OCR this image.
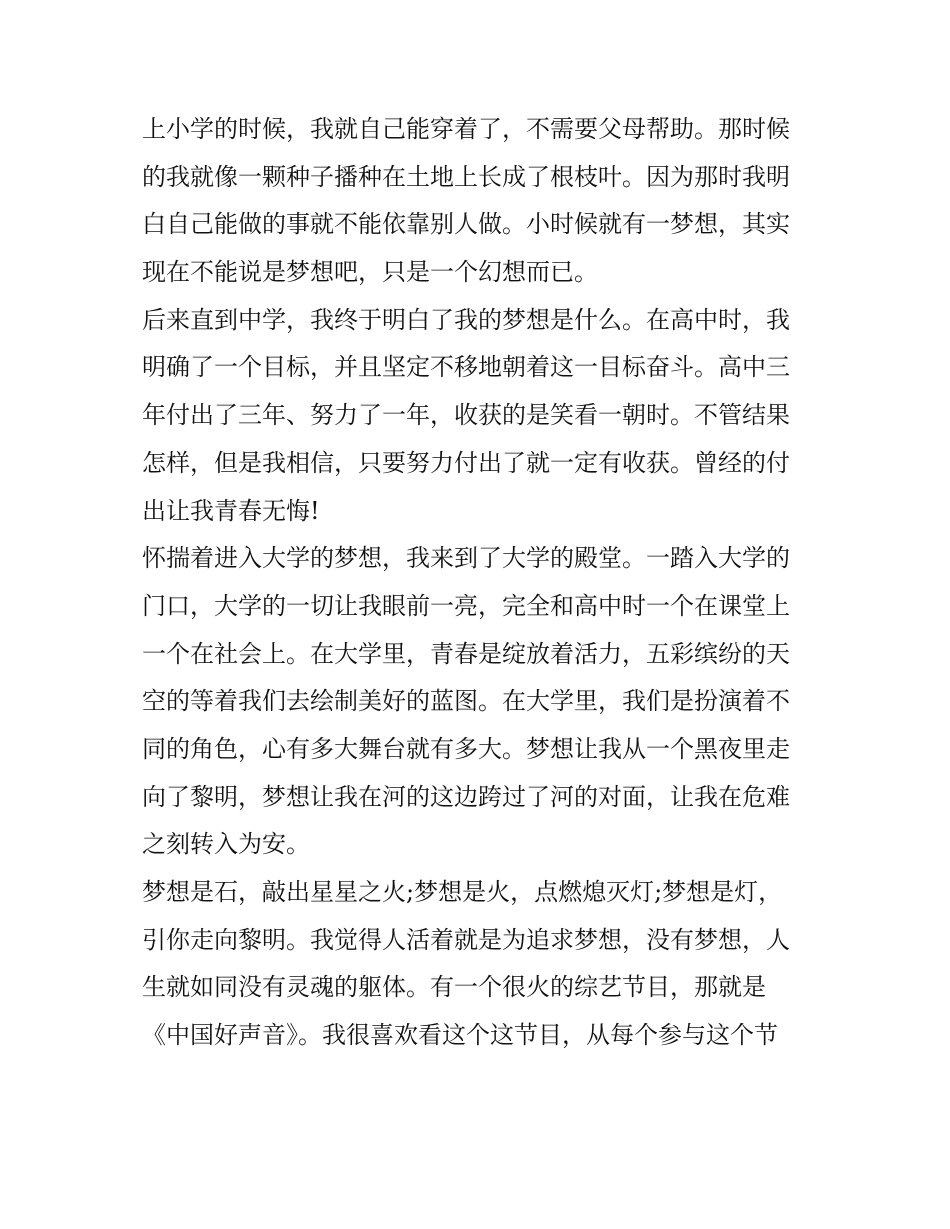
上小学的时候，我就自己能穿着了，不需要父母帮助。那时候
的我就像一颗种子播种在土地上长成了根枝叶。因为那时我明
白自己能做的事就不能依靠别人做。小时候就有一梦想，其实
现在不能说是梦想吧，只是一个幻想而已。
后来直到中学，我终于明白了我的梦想是什么。在高中时，我
明确了一个目标，并且坚定不移地朝着这一目标奋斗。高中三
年付出了三年、努力了一年，收获的是笑看一朝时。不管结果
怎样，但是我相信，只要努力付出了就一定有收获。曾经的付
出让我青春无悔!
怀揣着进入大学的梦想，我来到了大学的殿堂。一踏入大学的
门口，大学的一切让我眼前一亮，完全和高中时一个在课堂上
一个在社会上。在大学里，青春是绽放着活力，五彩缤纷的天
空的等着我们去绘制美好的蓝图。在大学里，我们是扮演着不
同的角色，心有多大舞台就有多大。梦想让我从一个黑夜里走
向了黎明，梦想让我在河的这边跨过了河的对面，让我在危难
之刻转入为安。
梦想是石，敲出星星之火;梦想是火，点燃熄灭灯;梦想是灯，
引你走向黎明。我觉得人活着就是为追求梦想，没有梦想，人
生就如同没有灵魂的躯体。有一个很火的综艺节目，那就是
《中国好声音》。我很喜欢看这个这节目，从每个参与这个节
